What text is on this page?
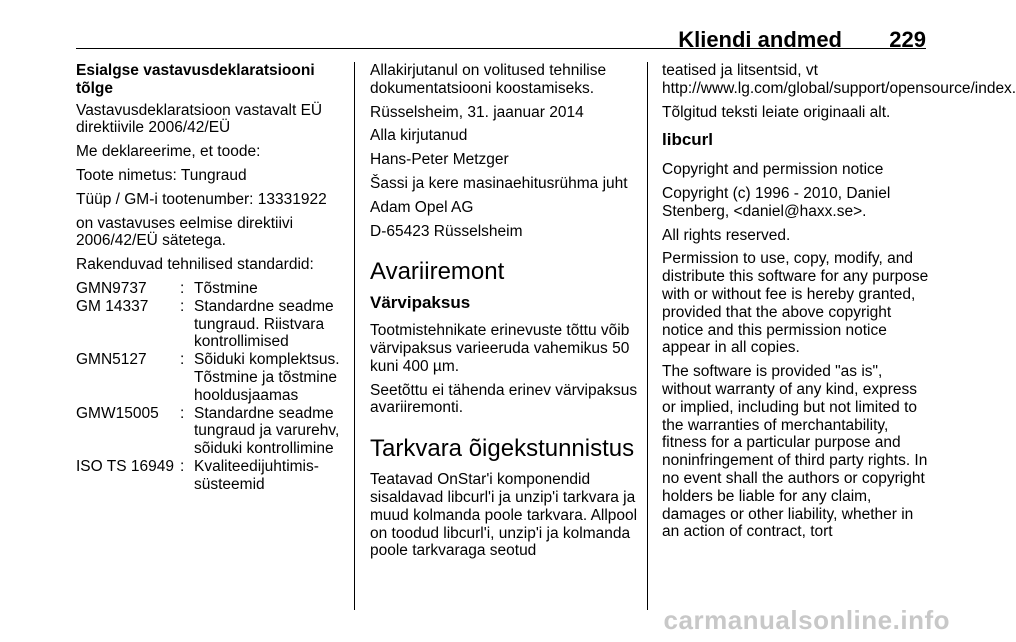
Kliendi andmed 229

Esialgse vastavusdeklaratsiooni tõlge

Vastavusdeklaratsioon vastavalt EÜ direktiivile 2006/42/EÜ

Me deklareerime, et toode:

Toote nimetus: Tungraud

Tüüp / GM-i tootenumber: 13331922

on vastavuses eelmise direktiivi 2006/42/EÜ sätetega.

Rakenduvad tehnilised standardid:

GMN9737	:	Tõstmine
GM 14337	:	Standardne seadme tungraud. Riistvara kontrollimised
GMN5127	:	Sõiduki komplektsus. Tõstmine ja tõstmine hooldusjaamas
GMW15005	:	Standardne seadme tungraud ja varurehv, sõiduki kontrollimine
ISO TS 16949	:	Kvaliteedijuhtimis-süsteemid

Allakirjutanul on volitused tehnilise dokumentatsiooni koostamiseks.

Rüsselsheim, 31. jaanuar 2014

Alla kirjutanud

Hans-Peter Metzger

Šassi ja kere masinaehitusrühma juht

Adam Opel AG

D-65423 Rüsselsheim

Avariiremont
Värvipaksus

Tootmistehnikate erinevuste tõttu võib värvipaksus varieeruda vahemikus 50 kuni 400 µm.

Seetõttu ei tähenda erinev värvipaksus avariiremonti.

Tarkvara õigekstunnistus

Teatavad OnStar'i komponendid sisaldavad libcurl'i ja unzip'i tarkvara ja muud kolmanda poole tarkvara. Allpool on toodud libcurl'i, unzip'i ja kolmanda poole tarkvaraga seotud

teatised ja litsentsid, vt http://www.lg.com/global/support/opensource/index.

Tõlgitud teksti leiate originaali alt.

libcurl

Copyright and permission notice

Copyright (c) 1996 - 2010, Daniel Stenberg, <daniel@haxx.se>.

All rights reserved.

Permission to use, copy, modify, and distribute this software for any purpose with or without fee is hereby granted, provided that the above copyright notice and this permission notice appear in all copies.

The software is provided "as is", without warranty of any kind, express or implied, including but not limited to the warranties of merchantability, fitness for a particular purpose and noninfringement of third party rights. In no event shall the authors or copyright holders be liable for any claim, damages or other liability, whether in an action of contract, tort

carmanualsonline.info
